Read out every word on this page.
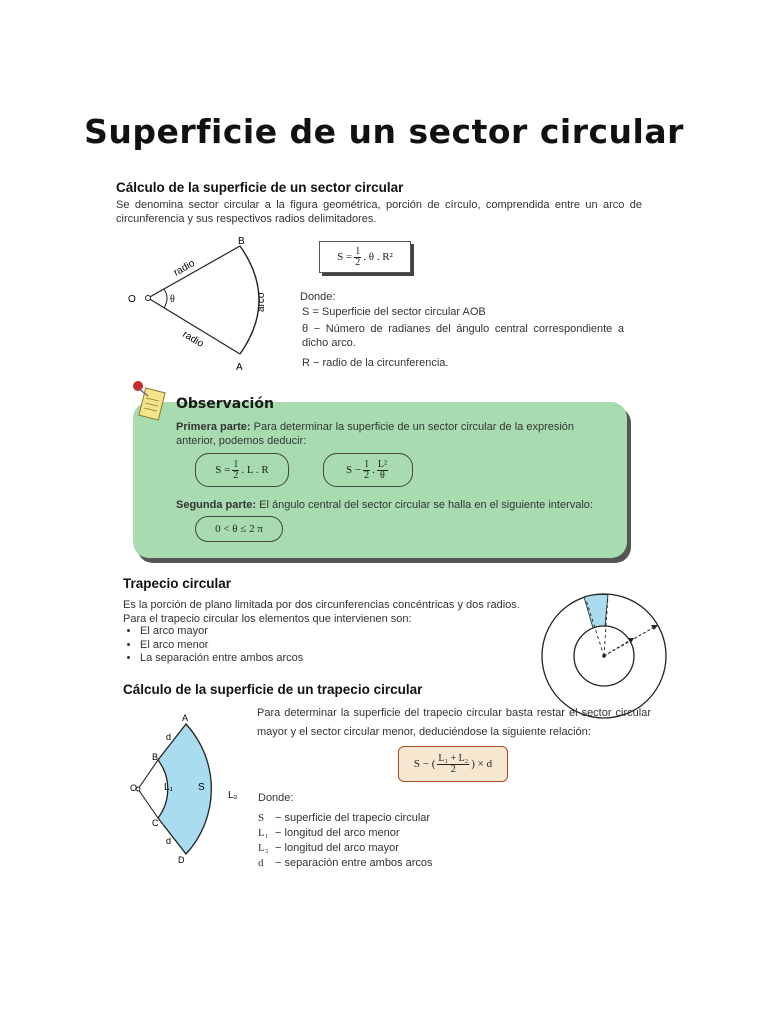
Superficie de un sector circular
Cálculo de la superficie de un sector circular
Se denomina sector circular a la figura geométrica, porción de círculo, comprendida entre un arco de circunferencia y sus respectivos radios delimitadores.
B
A
O	θ
radio
radio
arco
$S = \frac{1}{2}$ . θ . R²
Donde:
S = Superficie del sector circular AOB
θ − Número de radianes del ángulo central correspondiente a dicho arco.
R − radio de la circunferencia.
Observación
Primera parte: Para determinar la superficie de un sector circular de la expresión anterior, podemos deducir:
$S = \frac{1}{2}$ . L . R	$S - \frac{1}{2}$ . $\frac{\text{L²}}{\theta}$
Segunda parte: El ángulo central del sector circular se halla en el siguiente intervalo:
0 < θ ≤ 2 π
Trapecio circular
Es la porción de plano limitada por dos circunferencias concéntricas y dos radios.
Para el trapecio circular los elementos que intervienen son:
• El arco mayor
• El arco menor
• La separación entre ambos arcos
Cálculo de la superficie de un trapecio circular
A
B
C
D
O	L₁	S
L₂
d
d
Para determinar la superficie del trapecio circular basta restar el sector circular mayor y el sector circular menor, deduciéndose la siguiente relación:
S − ( $\frac{\text{L₁ + L₂}}{2}$ ) × d
Donde:
S − superficie del trapecio circular
L₁ − longitud del arco menor
L₂ − longitud del arco mayor
d − separación entre ambos arcos
